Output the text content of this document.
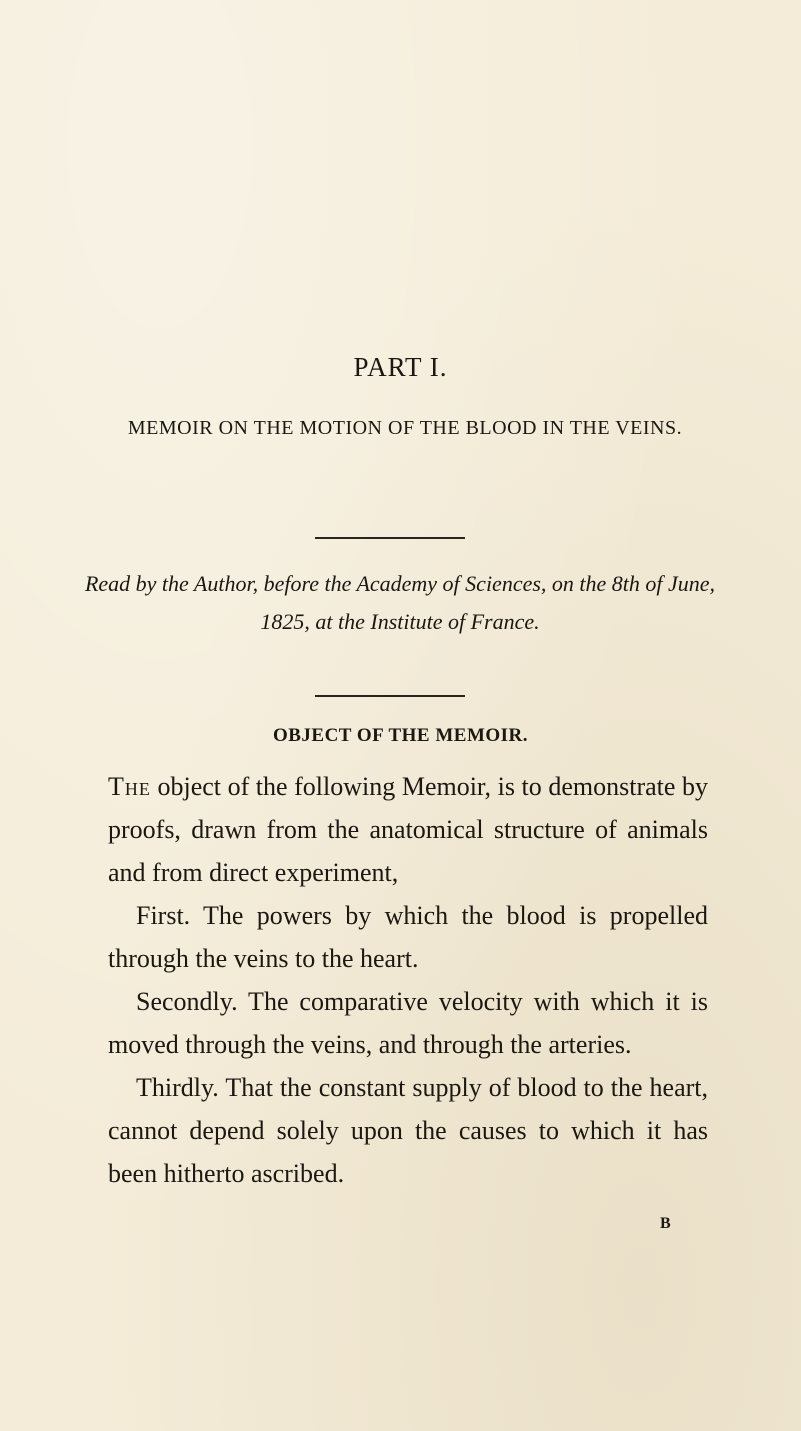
PART I.
MEMOIR ON THE MOTION OF THE BLOOD IN THE VEINS.

Read by the Author, before the Academy of Sciences, on the 8th of June, 1825, at the Institute of France.

OBJECT OF THE MEMOIR.

The object of the following Memoir, is to demonstrate by proofs, drawn from the anatomical structure of animals and from direct experiment,

First. The powers by which the blood is propelled through the veins to the heart.

Secondly. The comparative velocity with which it is moved through the veins, and through the arteries.

Thirdly. That the constant supply of blood to the heart, cannot depend solely upon the causes to which it has been hitherto ascribed.

B
